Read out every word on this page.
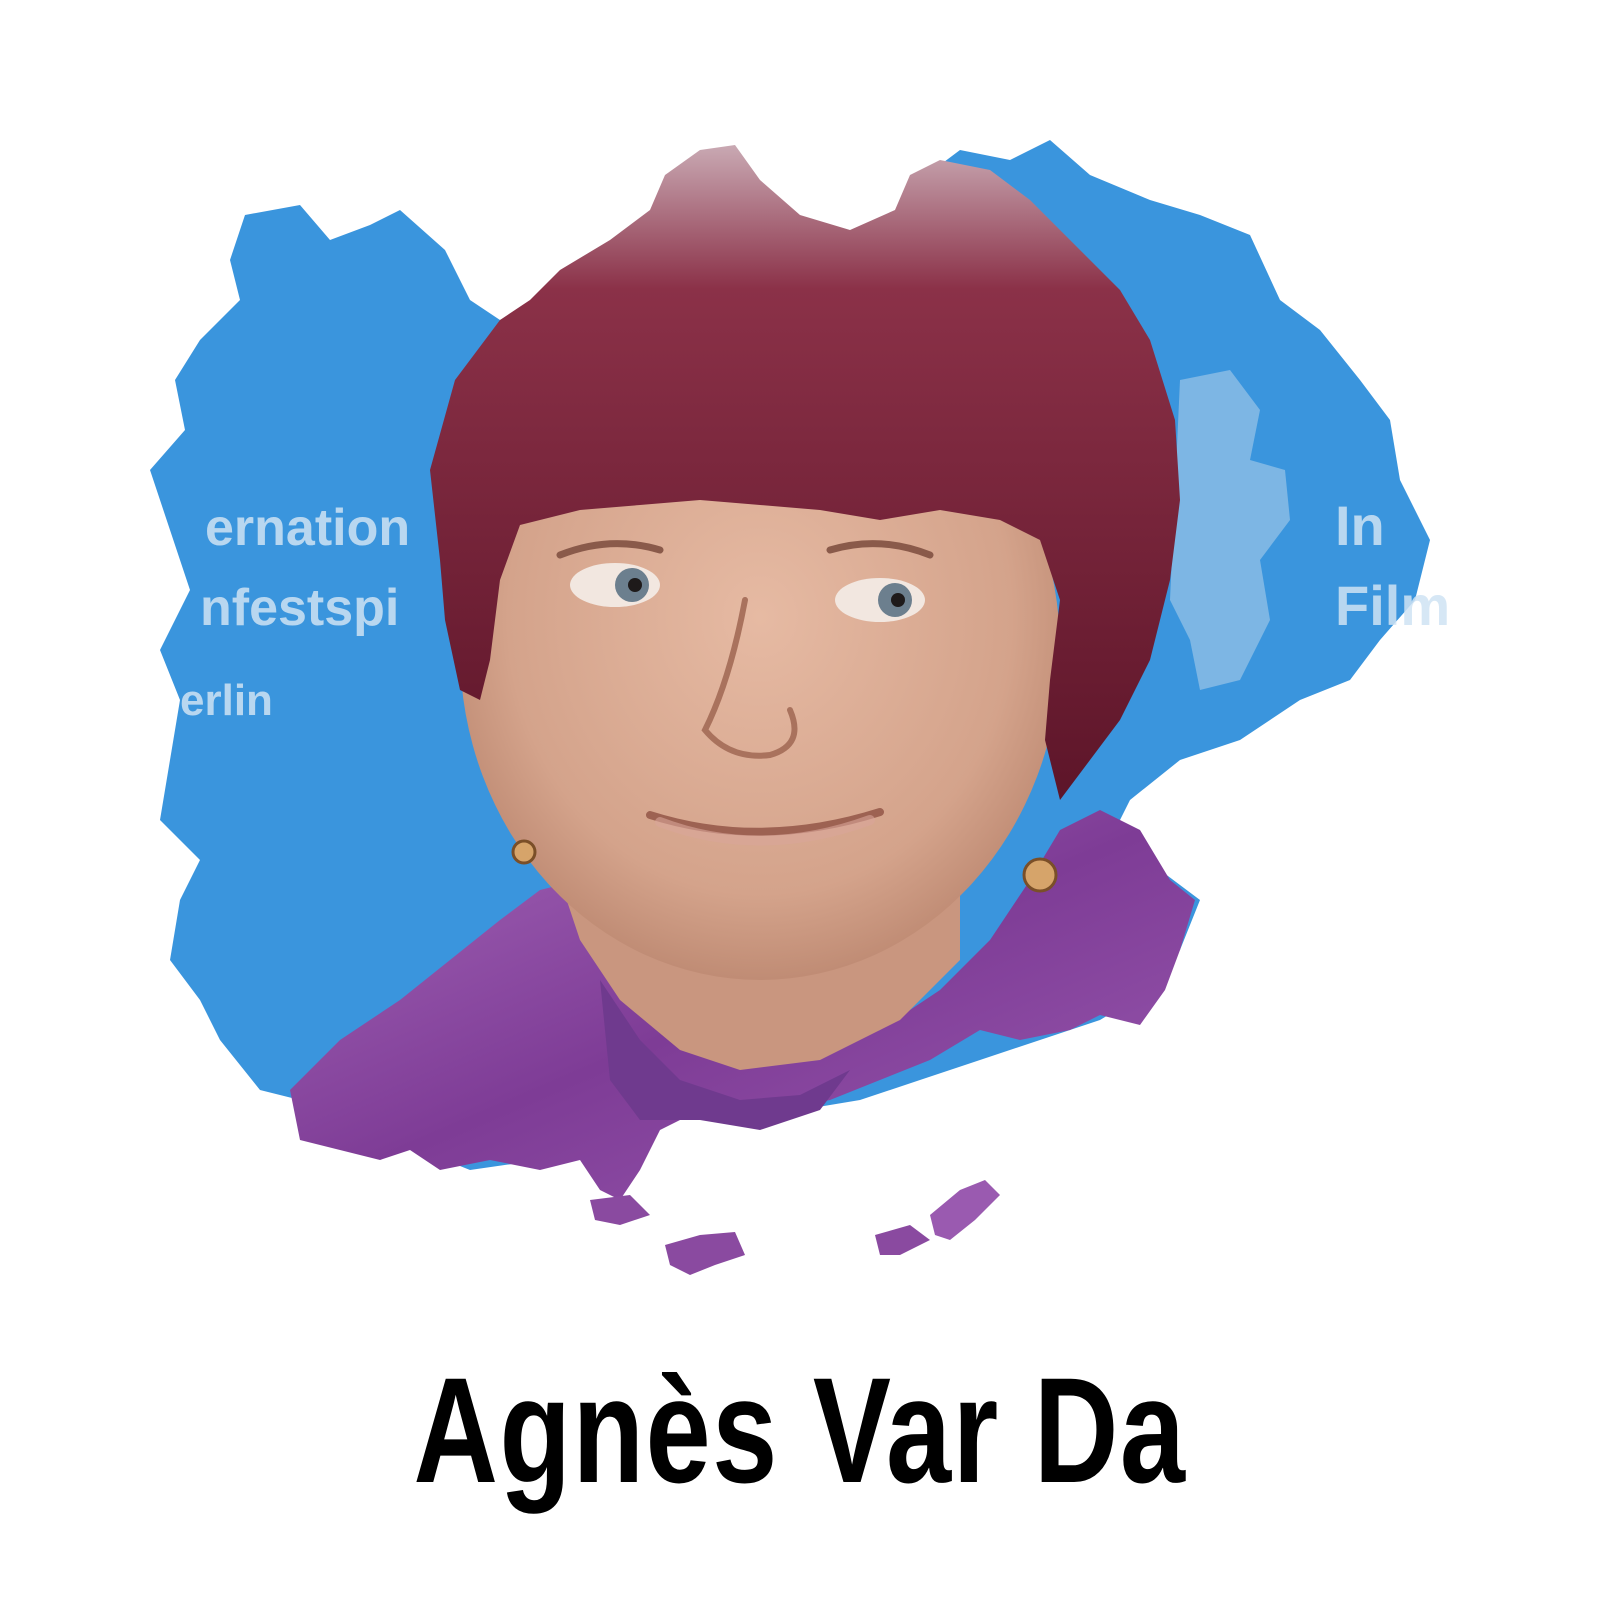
ernation
nfestspi
erlin
In
Film
Agnès Var Da
